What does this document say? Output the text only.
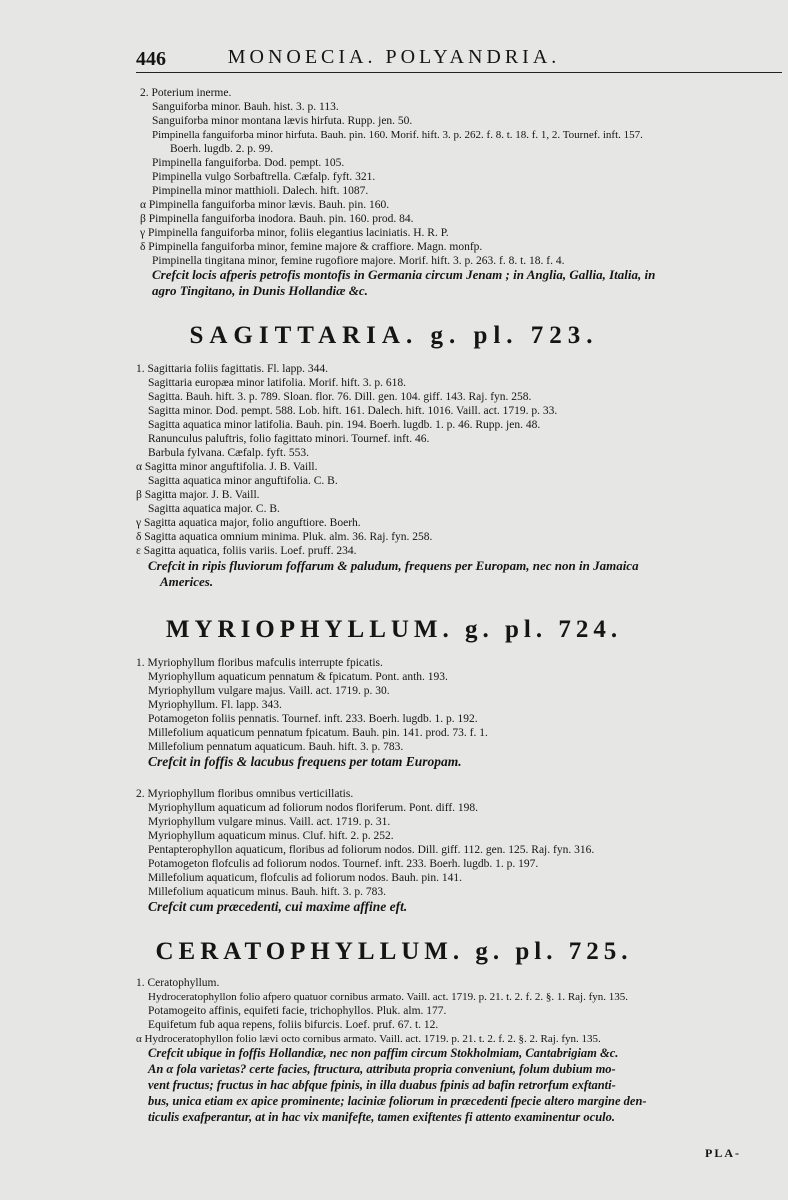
446	MONOECIA. POLYANDRIA.
2. Poterium inerme.
Sanguiforba minor. Bauh. hist. 3. p. 113.
Sanguiforba minor montana lævis hirfuta. Rupp. jen. 50.
Pimpinella fanguiforba minor hirfuta. Bauh. pin. 160. Morif. hift. 3. p. 262. f. 8. t. 18. f. 1, 2. Tournef. inft. 157.
Boerh. lugdb. 2. p. 99.
Pimpinella fanguiforba. Dod. pempt. 105.
Pimpinella vulgo Sorbaftrella. Cæfalp. fyft. 321.
Pimpinella minor matthioli. Dalech. hift. 1087.
α Pimpinella fanguiforba minor lævis. Bauh. pin. 160.
β Pimpinella fanguiforba inodora. Bauh. pin. 160. prod. 84.
γ Pimpinella fanguiforba minor, foliis elegantius laciniatis. H. R. P.
δ Pimpinella fanguiforba minor, femine majore & craffiore. Magn. monfp.
Pimpinella tingitana minor, femine rugofiore majore. Morif. hift. 3. p. 263. f. 8. t. 18. f. 4.
Crefcit locis afperis petrofis montofis in Germania circum Jenam ; in Anglia, Gallia, Italia, in
agro Tingitano, in Dunis Hollandiæ &c.
SAGITTARIA. g. pl. 723.
1. Sagittaria foliis fagittatis. Fl. lapp. 344.
Sagittaria europæa minor latifolia. Morif. hift. 3. p. 618.
Sagitta. Bauh. hift. 3. p. 789. Sloan. flor. 76. Dill. gen. 104. giff. 143. Raj. fyn. 258.
Sagitta minor. Dod. pempt. 588. Lob. hift. 161. Dalech. hift. 1016. Vaill. act. 1719. p. 33.
Sagitta aquatica minor latifolia. Bauh. pin. 194. Boerh. lugdb. 1. p. 46. Rupp. jen. 48.
Ranunculus paluftris, folio fagittato minori. Tournef. inft. 46.
Barbula fylvana. Cæfalp. fyft. 553.
α Sagitta minor anguftifolia. J. B. Vaill.
Sagitta aquatica minor anguftifolia. C. B.
β Sagitta major. J. B. Vaill.
Sagitta aquatica major. C. B.
γ Sagitta aquatica major, folio anguftiore. Boerh.
δ Sagitta aquatica omnium minima. Pluk. alm. 36. Raj. fyn. 258.
ε Sagitta aquatica, foliis variis. Loef. pruff. 234.
Crefcit in ripis fluviorum foffarum & paludum, frequens per Europam, nec non in Jamaica
Americes.
MYRIOPHYLLUM. g. pl. 724.
1. Myriophyllum floribus mafculis interrupte fpicatis.
Myriophyllum aquaticum pennatum & fpicatum. Pont. anth. 193.
Myriophyllum vulgare majus. Vaill. act. 1719. p. 30.
Myriophyllum. Fl. lapp. 343.
Potamogeton foliis pennatis. Tournef. inft. 233. Boerh. lugdb. 1. p. 192.
Millefolium aquaticum pennatum fpicatum. Bauh. pin. 141. prod. 73. f. 1.
Millefolium pennatum aquaticum. Bauh. hift. 3. p. 783.
Crefcit in foffis & lacubus frequens per totam Europam.
2. Myriophyllum floribus omnibus verticillatis.
Myriophyllum aquaticum ad foliorum nodos floriferum. Pont. diff. 198.
Myriophyllum vulgare minus. Vaill. act. 1719. p. 31.
Myriophyllum aquaticum minus. Cluf. hift. 2. p. 252.
Pentapterophyllon aquaticum, floribus ad foliorum nodos. Dill. giff. 112. gen. 125. Raj. fyn. 316.
Potamogeton flofculis ad foliorum nodos. Tournef. inft. 233. Boerh. lugdb. 1. p. 197.
Millefolium aquaticum, flofculis ad foliorum nodos. Bauh. pin. 141.
Millefolium aquaticum minus. Bauh. hift. 3. p. 783.
Crefcit cum præcedenti, cui maxime affine eft.
CERATOPHYLLUM. g. pl. 725.
1. Ceratophyllum.
Hydroceratophyllon folio afpero quatuor cornibus armato. Vaill. act. 1719. p. 21. t. 2. f. 2. §. 1. Raj. fyn. 135.
Potamogeito affinis, equifeti facie, trichophyllos. Pluk. alm. 177.
Equifetum fub aqua repens, foliis bifurcis. Loef. pruf. 67. t. 12.
α Hydroceratophyllon folio lævi octo cornibus armato. Vaill. act. 1719. p. 21. t. 2. f. 2. §. 2. Raj. fyn. 135.
Crefcit ubique in foffis Hollandiæ, nec non paffim circum Stokholmiam, Cantabrigiam &c.
An α fola varietas? certe facies, ftructura, attributa propria conveniunt, folum dubium mo-
vent fructus; fructus in hac abfque fpinis, in illa duabus fpinis ad bafin retrorfum exftanti-
bus, unica etiam ex apice prominente; laciniæ foliorum in præcedenti fpecie altero margine den-
ticulis exafperantur, at in hac vix manifefte, tamen exiftentes fi attento examinentur oculo.
PLA-
